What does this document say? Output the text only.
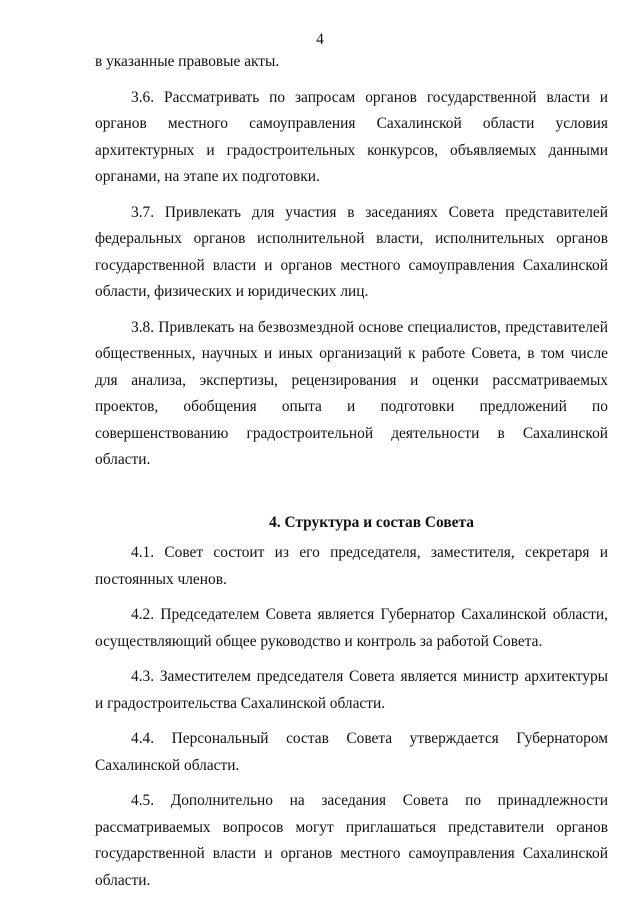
4

в указанные правовые акты.

3.6. Рассматривать по запросам органов государственной власти и органов местного самоуправления Сахалинской области условия архитектурных и градостроительных конкурсов, объявляемых данными органами, на этапе их подготовки.

3.7. Привлекать для участия в заседаниях Совета представителей федеральных органов исполнительной власти, исполнительных органов государственной власти и органов местного самоуправления Сахалинской области, физических и юридических лиц.

3.8. Привлекать на безвозмездной основе специалистов, представителей общественных, научных и иных организаций к работе Совета, в том числе для анализа, экспертизы, рецензирования и оценки рассматриваемых проектов, обобщения опыта и подготовки предложений по совершенствованию градостроительной деятельности в Сахалинской области.

4. Структура и состав Совета

4.1. Совет состоит из его председателя, заместителя, секретаря и постоянных членов.

4.2. Председателем Совета является Губернатор Сахалинской области, осуществляющий общее руководство и контроль за работой Совета.

4.3. Заместителем председателя Совета является министр архитектуры и градостроительства Сахалинской области.

4.4. Персональный состав Совета утверждается Губернатором Сахалинской области.

4.5. Дополнительно на заседания Совета по принадлежности рассматриваемых вопросов могут приглашаться представители органов государственной власти и органов местного самоуправления Сахалинской области.
